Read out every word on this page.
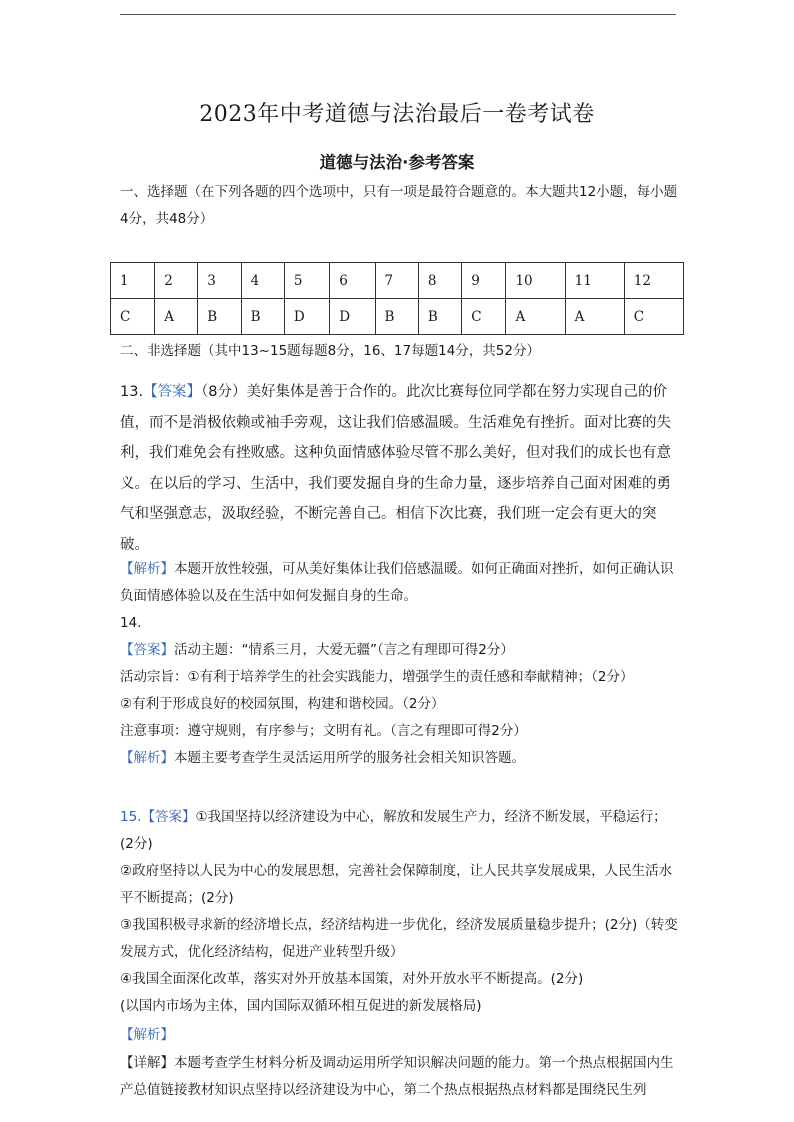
2023年中考道德与法治最后一卷考试卷
道德与法治·参考答案

一、选择题（在下列各题的四个选项中，只有一项是最符合题意的。本大题共12小题，每小题4分，共48分）

1	2	3	4	5	6	7	8	9	10	11	12
C	A	B	B	D	D	B	B	C	A	A	C

二、非选择题（其中13~15题每题8分，16、17每题14分，共52分）

13.【答案】（8分）美好集体是善于合作的。此次比赛每位同学都在努力实现自己的价值，而不是消极依赖或袖手旁观，这让我们倍感温暖。生活难免有挫折。面对比赛的失利，我们难免会有挫败感。这种负面情感体验尽管不那么美好，但对我们的成长也有意义。在以后的学习、生活中，我们要发掘自身的生命力量，逐步培养自己面对困难的勇气和坚强意志，汲取经验，不断完善自己。相信下次比赛，我们班一定会有更大的突破。

【解析】本题开放性较强，可从美好集体让我们倍感温暖。如何正确面对挫折，如何正确认识负面情感体验以及在生活中如何发掘自身的生命。

14.

【答案】活动主题：“情系三月，大爱无疆”（言之有理即可得2分）

活动宗旨：①有利于培养学生的社会实践能力，增强学生的责任感和奉献精神；（2分）

②有利于形成良好的校园氛围，构建和谐校园。（2分）

注意事项：遵守规则，有序参与；文明有礼。（言之有理即可得2分）

【解析】本题主要考查学生灵活运用所学的服务社会相关知识答题。

15.【答案】①我国坚持以经济建设为中心，解放和发展生产力，经济不断发展，平稳运行；(2分)

②政府坚持以人民为中心的发展思想，完善社会保障制度，让人民共享发展成果，人民生活水平不断提高；(2分)

③我国积极寻求新的经济增长点，经济结构进一步优化，经济发展质量稳步提升；(2分)（转变发展方式，优化经济结构，促进产业转型升级）

④我国全面深化改革，落实对外开放基本国策，对外开放水平不断提高。(2分)

(以国内市场为主体，国内国际双循环相互促进的新发展格局)

【解析】

【详解】本题考查学生材料分析及调动运用所学知识解决问题的能力。第一个热点根据国内生产总值链接教材知识点坚持以经济建设为中心，第二个热点根据热点材料都是围绕民生列
